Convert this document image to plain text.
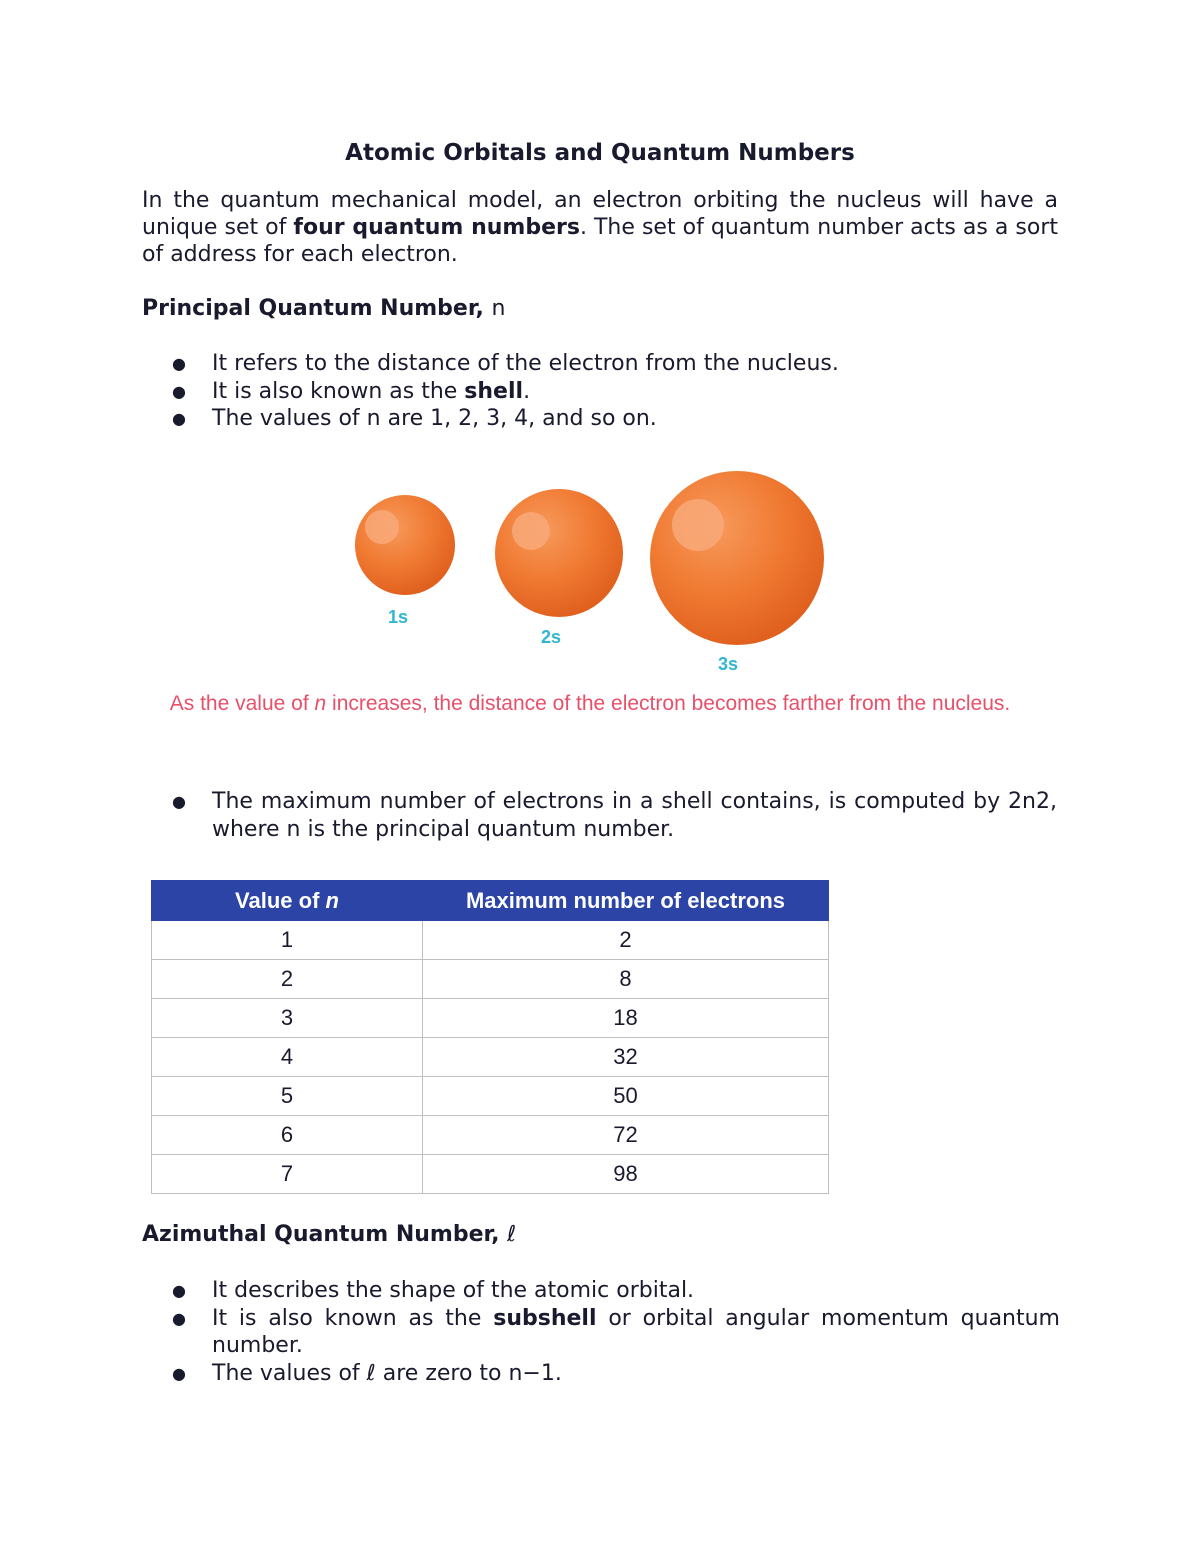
Atomic Orbitals and Quantum Numbers
In the quantum mechanical model, an electron orbiting the nucleus will have a unique set of four quantum numbers. The set of quantum number acts as a sort of address for each electron.
Principal Quantum Number, n
● It refers to the distance of the electron from the nucleus.
● It is also known as the shell.
● The values of n are 1, 2, 3, 4, and so on.
1s
2s
3s
As the value of n increases, the distance of the electron becomes farther from the nucleus.
● The maximum number of electrons in a shell contains, is computed by 2n2, where n is the principal quantum number.
Value of n	Maximum number of electrons
1	2
2	8
3	18
4	32
5	50
6	72
7	98
Azimuthal Quantum Number, ℓ
● It describes the shape of the atomic orbital.
● It is also known as the subshell or orbital angular momentum quantum number.
● The values of ℓ are zero to n−1.
